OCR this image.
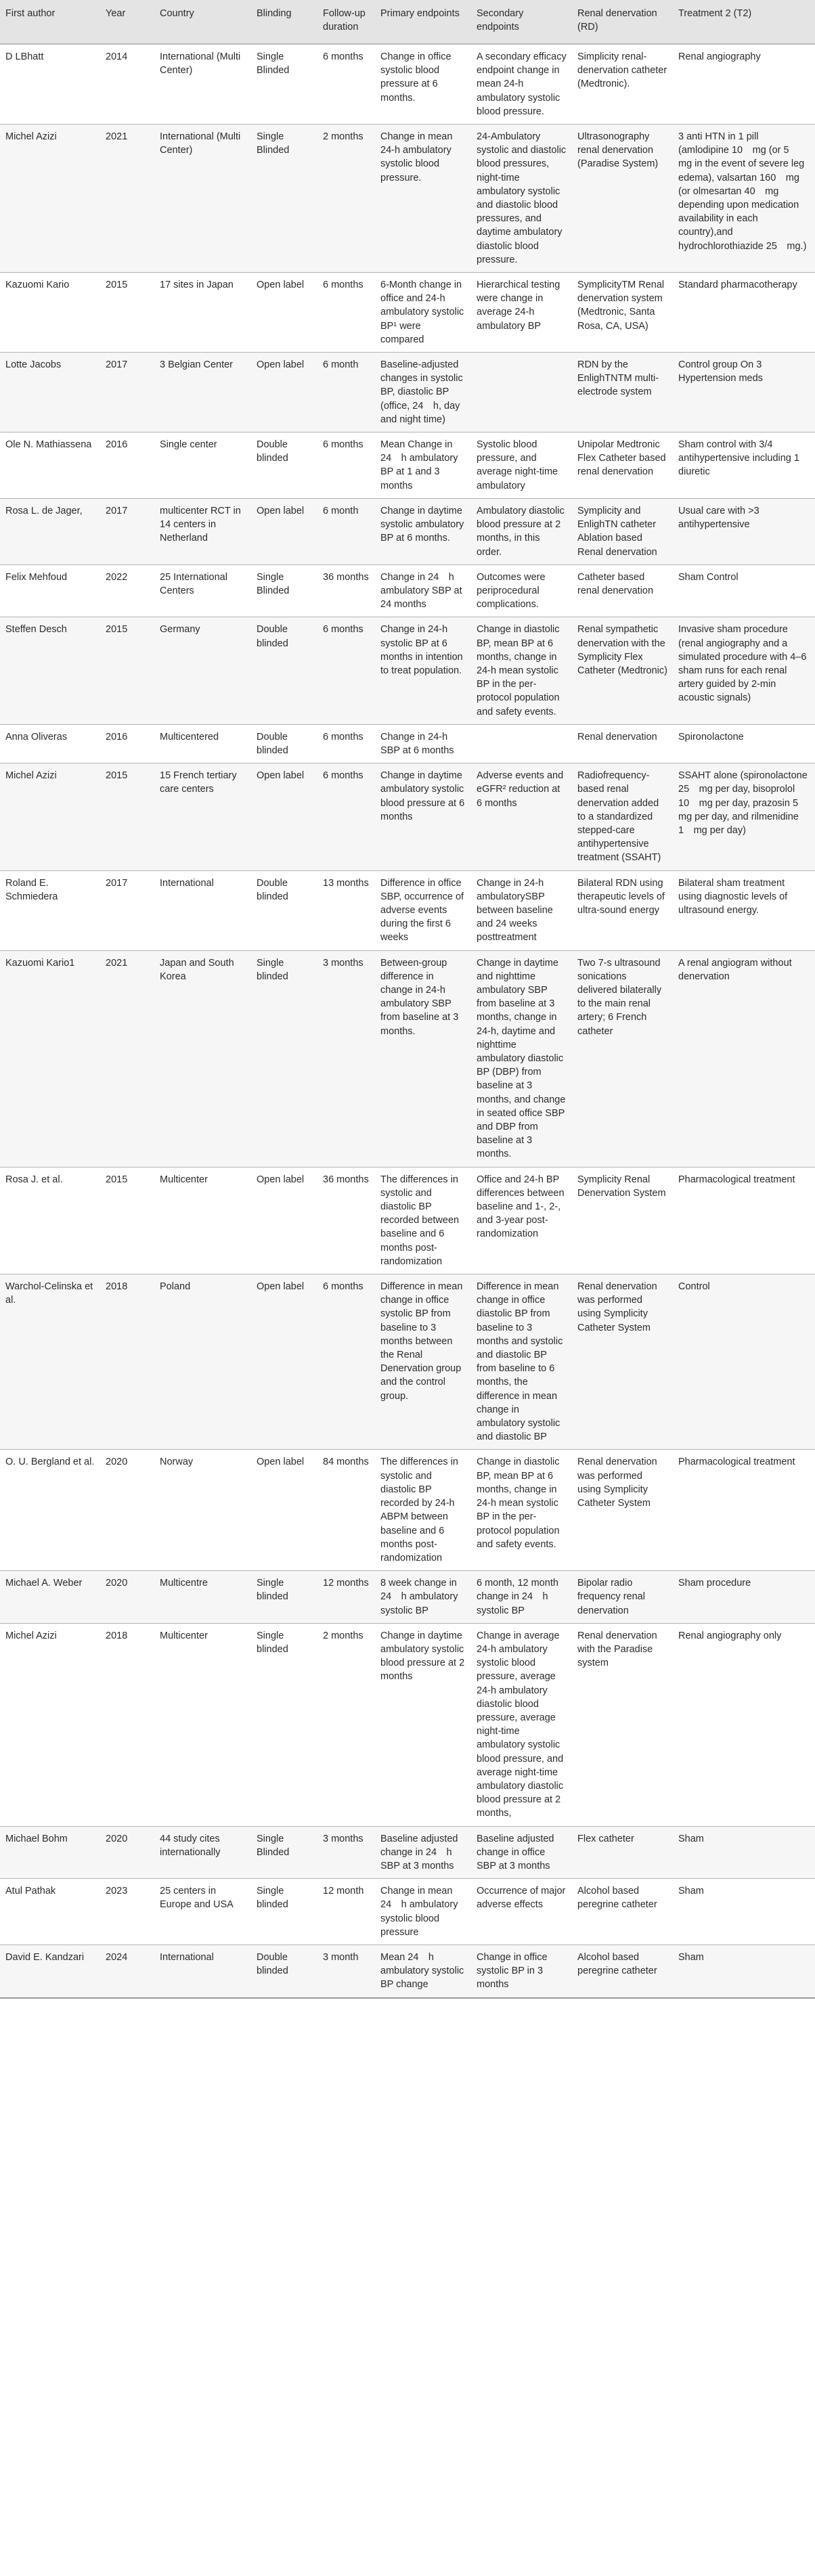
First author	Year	Country	Blinding	Follow-up duration	Primary endpoints	Secondary endpoints	Renal denervation (RD)	Treatment 2 (T2)
D LBhatt	2014	International (Multi Center)	Single Blinded	6 months	Change in office systolic blood pressure at 6 months.	A secondary efficacy endpoint change in mean 24-h ambulatory systolic blood pressure.	Simplicity renal-denervation catheter (Medtronic).	Renal angiography
Michel Azizi	2021	International (Multi Center)	Single Blinded	2 months	Change in mean 24-h ambulatory systolic blood pressure.	24-Ambulatory systolic and diastolic blood pressures, night-time ambulatory systolic and diastolic blood pressures, and daytime ambulatory diastolic blood pressure.	Ultrasonography renal denervation (Paradise System)	3 anti HTN in 1 pill (amlodipine 10 mg (or 5 mg in the event of severe leg edema), valsartan 160 mg (or olmesartan 40 mg depending upon medication availability in each country),and hydrochlorothiazide 25 mg.)
Kazuomi Kario	2015	17 sites in Japan	Open label	6 months	6-Month change in office and 24-h ambulatory systolic BP¹ were compared	Hierarchical testing were change in average 24-h ambulatory BP	SymplicityTM Renal denervation system (Medtronic, Santa Rosa, CA, USA)	Standard pharmacotherapy
Lotte Jacobs	2017	3 Belgian Center	Open label	6 month	Baseline-adjusted changes in systolic BP, diastolic BP (office, 24 h, day and night time)		RDN by the EnlighTNTM multi-electrode system	Control group On 3 Hypertension meds
Ole N. Mathiassena	2016	Single center	Double blinded	6 months	Mean Change in 24 h ambulatory BP at 1 and 3 months	Systolic blood pressure, and average night-time ambulatory	Unipolar Medtronic Flex Catheter based renal denervation	Sham control with 3/4 antihypertensive including 1 diuretic
Rosa L. de Jager,	2017	multicenter RCT in 14 centers in Netherland	Open label	6 month	Change in daytime systolic ambulatory BP at 6 months.	Ambulatory diastolic blood pressure at 2 months, in this order.	Symplicity and EnlighTN catheter Ablation based Renal denervation	Usual care with >3 antihypertensive
Felix Mehfoud	2022	25 International Centers	Single Blinded	36 months	Change in 24 h ambulatory SBP at 24 months	Outcomes were periprocedural complications.	Catheter based renal denervation	Sham Control
Steffen Desch	2015	Germany	Double blinded	6 months	Change in 24-h systolic BP at 6 months in intention to treat population.	Change in diastolic BP, mean BP at 6 months, change in 24-h mean systolic BP in the per-protocol population and safety events.	Renal sympathetic denervation with the Symplicity Flex Catheter (Medtronic)	Invasive sham procedure (renal angiography and a simulated procedure with 4–6 sham runs for each renal artery guided by 2-min acoustic signals)
Anna Oliveras	2016	Multicentered	Double blinded	6 months	Change in 24-h SBP at 6 months		Renal denervation	Spironolactone
Michel Azizi	2015	15 French tertiary care centers	Open label	6 months	Change in daytime ambulatory systolic blood pressure at 6 months	Adverse events and eGFR² reduction at 6 months	Radiofrequency-based renal denervation added to a standardized stepped-care antihypertensive treatment (SSAHT)	SSAHT alone (spironolactone 25 mg per day, bisoprolol 10 mg per day, prazosin 5 mg per day, and rilmenidine 1 mg per day)
Roland E. Schmiedera	2017	International	Double blinded	13 months	Difference in office SBP, occurrence of adverse events during the first 6 weeks	Change in 24-h ambulatorySBP between baseline and 24 weeks posttreatment	Bilateral RDN using therapeutic levels of ultra-sound energy	Bilateral sham treatment using diagnostic levels of ultrasound energy.
Kazuomi Kario1	2021	Japan and South Korea	Single blinded	3 months	Between-group difference in change in 24-h ambulatory SBP from baseline at 3 months.	Change in daytime and nighttime ambulatory SBP from baseline at 3 months, change in 24-h, daytime and nighttime ambulatory diastolic BP (DBP) from baseline at 3 months, and change in seated office SBP and DBP from baseline at 3 months.	Two 7-s ultrasound sonications delivered bilaterally to the main renal artery; 6 French catheter	A renal angiogram without denervation
Rosa J. et al.	2015	Multicenter	Open label	36 months	The differences in systolic and diastolic BP recorded between baseline and 6 months post-randomization	Office and 24-h BP differences between baseline and 1-, 2-, and 3-year post-randomization	Symplicity Renal Denervation System	Pharmacological treatment
Warchol-Celinska et al.	2018	Poland	Open label	6 months	Difference in mean change in office systolic BP from baseline to 3 months between the Renal Denervation group and the control group.	Difference in mean change in office diastolic BP from baseline to 3 months and systolic and diastolic BP from baseline to 6 months, the difference in mean change in ambulatory systolic and diastolic BP	Renal denervation was performed using Symplicity Catheter System	Control
O. U. Bergland et al.	2020	Norway	Open label	84 months	The differences in systolic and diastolic BP recorded by 24-h ABPM between baseline and 6 months post-randomization	Change in diastolic BP, mean BP at 6 months, change in 24-h mean systolic BP in the per-protocol population and safety events.	Renal denervation was performed using Symplicity Catheter System	Pharmacological treatment
Michael A. Weber	2020	Multicentre	Single blinded	12 months	8 week change in 24 h ambulatory systolic BP	6 month, 12 month change in 24 h systolic BP	Bipolar radio frequency renal denervation	Sham procedure
Michel Azizi	2018	Multicenter	Single blinded	2 months	Change in daytime ambulatory systolic blood pressure at 2 months	Change in average 24-h ambulatory systolic blood pressure, average 24-h ambulatory diastolic blood pressure, average night-time ambulatory systolic blood pressure, and average night-time ambulatory diastolic blood pressure at 2 months,	Renal denervation with the Paradise system	Renal angiography only
Michael Bohm	2020	44 study cites internationally	Single Blinded	3 months	Baseline adjusted change in 24 h SBP at 3 months	Baseline adjusted change in office SBP at 3 months	Flex catheter	Sham
Atul Pathak	2023	25 centers in Europe and USA	Single blinded	12 month	Change in mean 24 h ambulatory systolic blood pressure	Occurrence of major adverse effects	Alcohol based peregrine catheter	Sham
David E. Kandzari	2024	International	Double blinded	3 month	Mean 24 h ambulatory systolic BP change	Change in office systolic BP in 3 months	Alcohol based peregrine catheter	Sham
